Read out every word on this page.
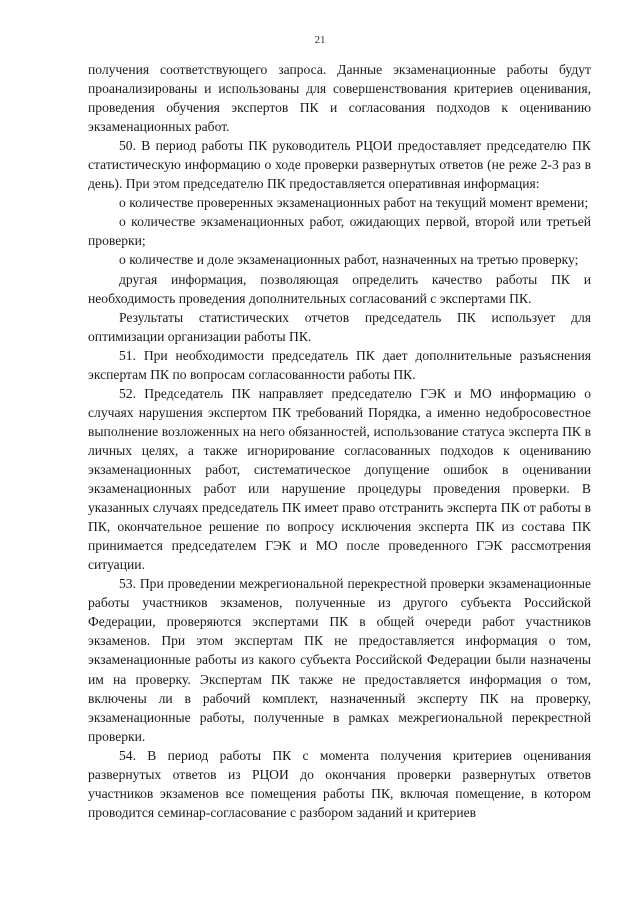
21

получения соответствующего запроса. Данные экзаменационные работы будут проанализированы и использованы для совершенствования критериев оценивания, проведения обучения экспертов ПК и согласования подходов к оцениванию экзаменационных работ.

50. В период работы ПК руководитель РЦОИ предоставляет председателю ПК статистическую информацию о ходе проверки развернутых ответов (не реже 2-3 раз в день). При этом председателю ПК предоставляется оперативная информация:

о количестве проверенных экзаменационных работ на текущий момент времени;

о количестве экзаменационных работ, ожидающих первой, второй или третьей проверки;

о количестве и доле экзаменационных работ, назначенных на третью проверку;

другая информация, позволяющая определить качество работы ПК и необходимость проведения дополнительных согласований с экспертами ПК.

Результаты статистических отчетов председатель ПК использует для оптимизации организации работы ПК.

51. При необходимости председатель ПК дает дополнительные разъяснения экспертам ПК по вопросам согласованности работы ПК.

52. Председатель ПК направляет председателю ГЭК и МО информацию о случаях нарушения экспертом ПК требований Порядка, а именно недобросовестное выполнение возложенных на него обязанностей, использование статуса эксперта ПК в личных целях, а также игнорирование согласованных подходов к оцениванию экзаменационных работ, систематическое допущение ошибок в оценивании экзаменационных работ или нарушение процедуры проведения проверки. В указанных случаях председатель ПК имеет право отстранить эксперта ПК от работы в ПК, окончательное решение по вопросу исключения эксперта ПК из состава ПК принимается председателем ГЭК и МО после проведенного ГЭК рассмотрения ситуации.

53. При проведении межрегиональной перекрестной проверки экзаменационные работы участников экзаменов, полученные из другого субъекта Российской Федерации, проверяются экспертами ПК в общей очереди работ участников экзаменов. При этом экспертам ПК не предоставляется информация о том, экзаменационные работы из какого субъекта Российской Федерации были назначены им на проверку. Экспертам ПК также не предоставляется информация о том, включены ли в рабочий комплект, назначенный эксперту ПК на проверку, экзаменационные работы, полученные в рамках межрегиональной перекрестной проверки.

54. В период работы ПК с момента получения критериев оценивания развернутых ответов из РЦОИ до окончания проверки развернутых ответов участников экзаменов все помещения работы ПК, включая помещение, в котором проводится семинар-согласование с разбором заданий и критериев
